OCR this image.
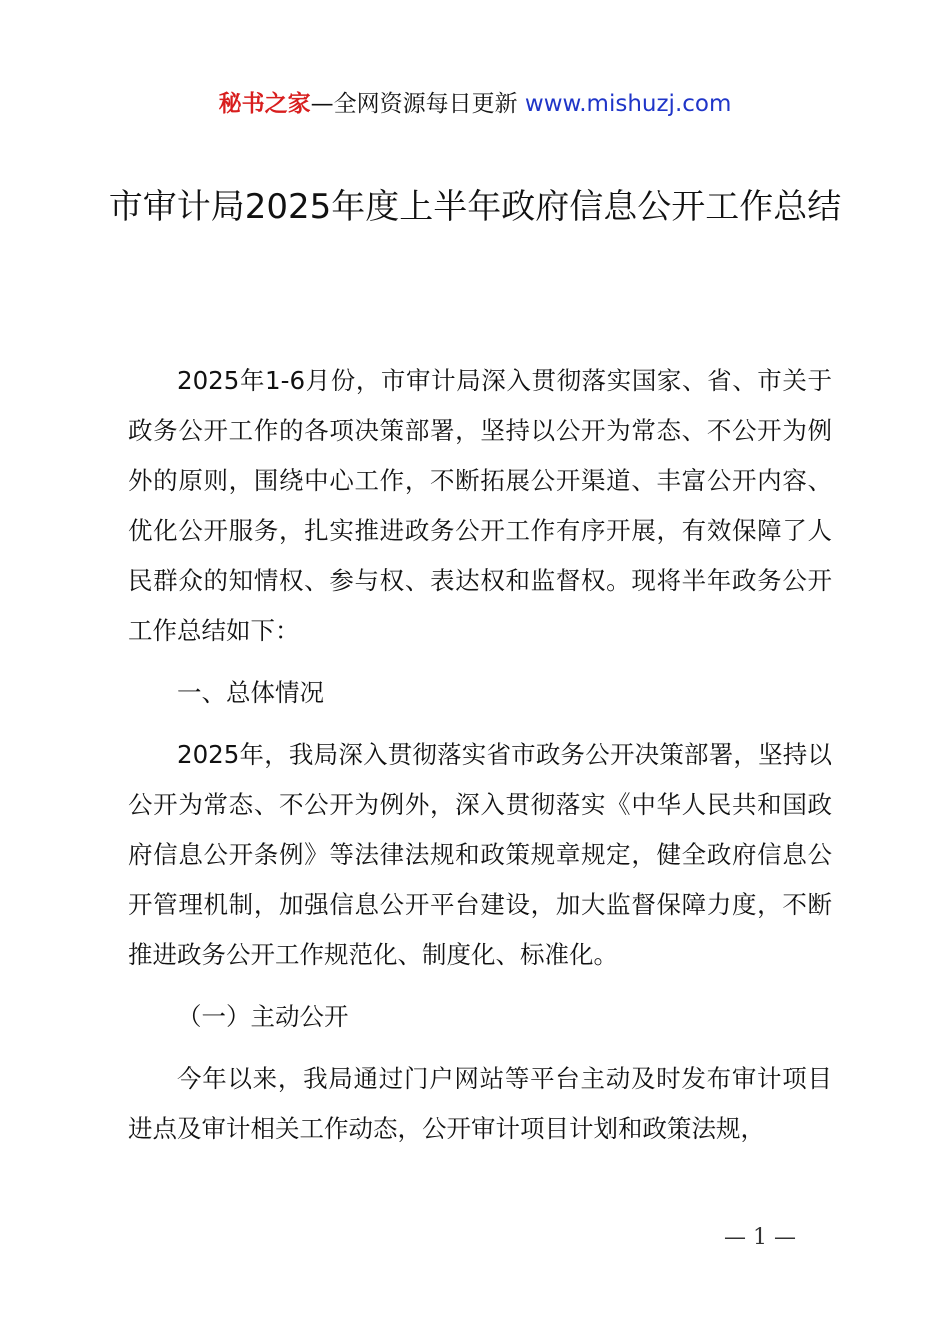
秘书之家—全网资源每日更新 www.mishuzj.com
市审计局2025年度上半年政府信息公开工作总结

2025年1-6月份，市审计局深入贯彻落实国家、省、市关于政务公开工作的各项决策部署，坚持以公开为常态、不公开为例外的原则，围绕中心工作，不断拓展公开渠道、丰富公开内容、优化公开服务，扎实推进政务公开工作有序开展，有效保障了人民群众的知情权、参与权、表达权和监督权。现将半年政务公开工作总结如下：

一、总体情况

2025年，我局深入贯彻落实省市政务公开决策部署，坚持以公开为常态、不公开为例外，深入贯彻落实《中华人民共和国政府信息公开条例》等法律法规和政策规章规定，健全政府信息公开管理机制，加强信息公开平台建设，加大监督保障力度，不断推进政务公开工作规范化、制度化、标准化。

（一）主动公开

今年以来，我局通过门户网站等平台主动及时发布审计项目进点及审计相关工作动态，公开审计项目计划和政策法规，

— 1 —
